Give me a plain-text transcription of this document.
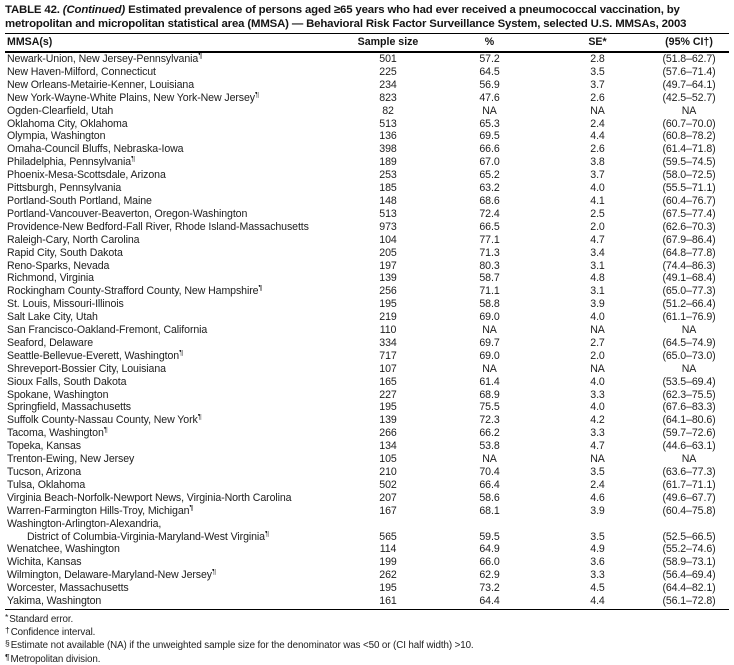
TABLE 42. (Continued) Estimated prevalence of persons aged ≥65 years who had ever received a pneumococcal vaccination, by metropolitan and micropolitan statistical area (MMSA) — Behavioral Risk Factor Surveillance System, selected U.S. MMSAs, 2003
MMSA(s)	Sample size	%	SE*	(95% CI†)
Newark-Union, New Jersey-Pennsylvania¶	501	57.2	2.8	(51.8–62.7)
New Haven-Milford, Connecticut	225	64.5	3.5	(57.6–71.4)
New Orleans-Metairie-Kenner, Louisiana	234	56.9	3.7	(49.7–64.1)
New York-Wayne-White Plains, New York-New Jersey¶	823	47.6	2.6	(42.5–52.7)
Ogden-Clearfield, Utah	82	NA	NA	NA
Oklahoma City, Oklahoma	513	65.3	2.4	(60.7–70.0)
Olympia, Washington	136	69.5	4.4	(60.8–78.2)
Omaha-Council Bluffs, Nebraska-Iowa	398	66.6	2.6	(61.4–71.8)
Philadelphia, Pennsylvania¶	189	67.0	3.8	(59.5–74.5)
Phoenix-Mesa-Scottsdale, Arizona	253	65.2	3.7	(58.0–72.5)
Pittsburgh, Pennsylvania	185	63.2	4.0	(55.5–71.1)
Portland-South Portland, Maine	148	68.6	4.1	(60.4–76.7)
Portland-Vancouver-Beaverton, Oregon-Washington	513	72.4	2.5	(67.5–77.4)
Providence-New Bedford-Fall River, Rhode Island-Massachusetts	973	66.5	2.0	(62.6–70.3)
Raleigh-Cary, North Carolina	104	77.1	4.7	(67.9–86.4)
Rapid City, South Dakota	205	71.3	3.4	(64.8–77.8)
Reno-Sparks, Nevada	197	80.3	3.1	(74.4–86.3)
Richmond, Virginia	139	58.7	4.8	(49.1–68.4)
Rockingham County-Strafford County, New Hampshire¶	256	71.1	3.1	(65.0–77.3)
St. Louis, Missouri-Illinois	195	58.8	3.9	(51.2–66.4)
Salt Lake City, Utah	219	69.0	4.0	(61.1–76.9)
San Francisco-Oakland-Fremont, California	110	NA	NA	NA
Seaford, Delaware	334	69.7	2.7	(64.5–74.9)
Seattle-Bellevue-Everett, Washington¶	717	69.0	2.0	(65.0–73.0)
Shreveport-Bossier City, Louisiana	107	NA	NA	NA
Sioux Falls, South Dakota	165	61.4	4.0	(53.5–69.4)
Spokane, Washington	227	68.9	3.3	(62.3–75.5)
Springfield, Massachusetts	195	75.5	4.0	(67.6–83.3)
Suffolk County-Nassau County, New York¶	139	72.3	4.2	(64.1–80.6)
Tacoma, Washington¶	266	66.2	3.3	(59.7–72.6)
Topeka, Kansas	134	53.8	4.7	(44.6–63.1)
Trenton-Ewing, New Jersey	105	NA	NA	NA
Tucson, Arizona	210	70.4	3.5	(63.6–77.3)
Tulsa, Oklahoma	502	66.4	2.4	(61.7–71.1)
Virginia Beach-Norfolk-Newport News, Virginia-North Carolina	207	58.6	4.6	(49.6–67.7)
Warren-Farmington Hills-Troy, Michigan¶	167	68.1	3.9	(60.4–75.8)
Washington-Arlington-Alexandria,				
District of Columbia-Virginia-Maryland-West Virginia¶	565	59.5	3.5	(52.5–66.5)
Wenatchee, Washington	114	64.9	4.9	(55.2–74.6)
Wichita, Kansas	199	66.0	3.6	(58.9–73.1)
Wilmington, Delaware-Maryland-New Jersey¶	262	62.9	3.3	(56.4–69.4)
Worcester, Massachusetts	195	73.2	4.5	(64.4–82.1)
Yakima, Washington	161	64.4	4.4	(56.1–72.8)
*Standard error.
†Confidence interval.
§Estimate not available (NA) if the unweighted sample size for the denominator was <50 or (CI half width) >10.
¶Metropolitan division.
